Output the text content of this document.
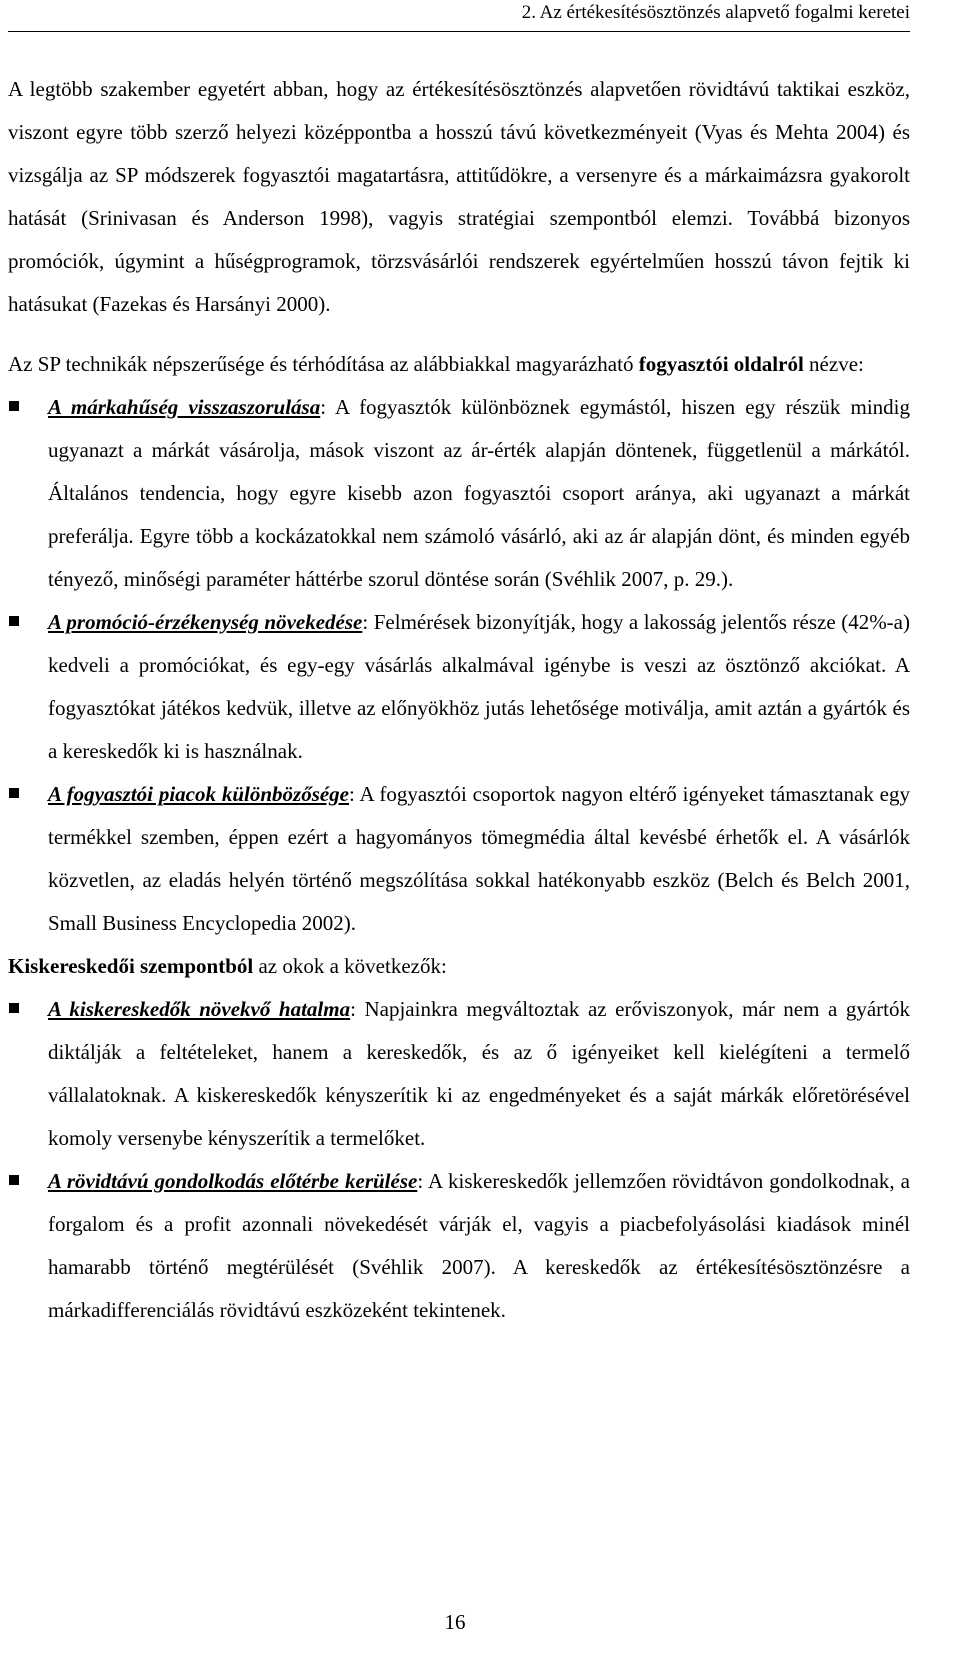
2. Az értékesítésösztönzés alapvető fogalmi keretei

A legtöbb szakember egyetért abban, hogy az értékesítésösztönzés alapvetően rövidtávú taktikai eszköz, viszont egyre több szerző helyezi középpontba a hosszú távú következményeit (Vyas és Mehta 2004) és vizsgálja az SP módszerek fogyasztói magatartásra, attitűdökre, a versenyre és a márkaimázsra gyakorolt hatását (Srinivasan és Anderson 1998), vagyis stratégiai szempontból elemzi. Továbbá bizonyos promóciók, úgymint a hűségprogramok, törzsvásárlói rendszerek egyértelműen hosszú távon fejtik ki hatásukat (Fazekas és Harsányi 2000).

Az SP technikák népszerűsége és térhódítása az alábbiakkal magyarázható fogyasztói oldalról nézve:

A márkahűség visszaszorulása: A fogyasztók különböznek egymástól, hiszen egy részük mindig ugyanazt a márkát vásárolja, mások viszont az ár-érték alapján döntenek, függetlenül a márkától. Általános tendencia, hogy egyre kisebb azon fogyasztói csoport aránya, aki ugyanazt a márkát preferálja. Egyre több a kockázatokkal nem számoló vásárló, aki az ár alapján dönt, és minden egyéb tényező, minőségi paraméter háttérbe szorul döntése során (Svéhlik 2007, p. 29.).
A promóció-érzékenység növekedése: Felmérések bizonyítják, hogy a lakosság jelentős része (42%-a) kedveli a promóciókat, és egy-egy vásárlás alkalmával igénybe is veszi az ösztönző akciókat. A fogyasztókat játékos kedvük, illetve az előnyökhöz jutás lehetősége motiválja, amit aztán a gyártók és a kereskedők ki is használnak.
A fogyasztói piacok különbözősége: A fogyasztói csoportok nagyon eltérő igényeket támasztanak egy termékkel szemben, éppen ezért a hagyományos tömegmédia által kevésbé érhetők el. A vásárlók közvetlen, az eladás helyén történő megszólítása sokkal hatékonyabb eszköz (Belch és Belch 2001, Small Business Encyclopedia 2002).

Kiskereskedői szempontból az okok a következők:

A kiskereskedők növekvő hatalma: Napjainkra megváltoztak az erőviszonyok, már nem a gyártók diktálják a feltételeket, hanem a kereskedők, és az ő igényeiket kell kielégíteni a termelő vállalatoknak. A kiskereskedők kényszerítik ki az engedményeket és a saját márkák előretörésével komoly versenybe kényszerítik a termelőket.
A rövidtávú gondolkodás előtérbe kerülése: A kiskereskedők jellemzően rövidtávon gondolkodnak, a forgalom és a profit azonnali növekedését várják el, vagyis a piacbefolyásolási kiadások minél hamarabb történő megtérülését (Svéhlik 2007). A kereskedők az értékesítésösztönzésre a márkadifferenciálás rövidtávú eszközeként tekintenek.
16
